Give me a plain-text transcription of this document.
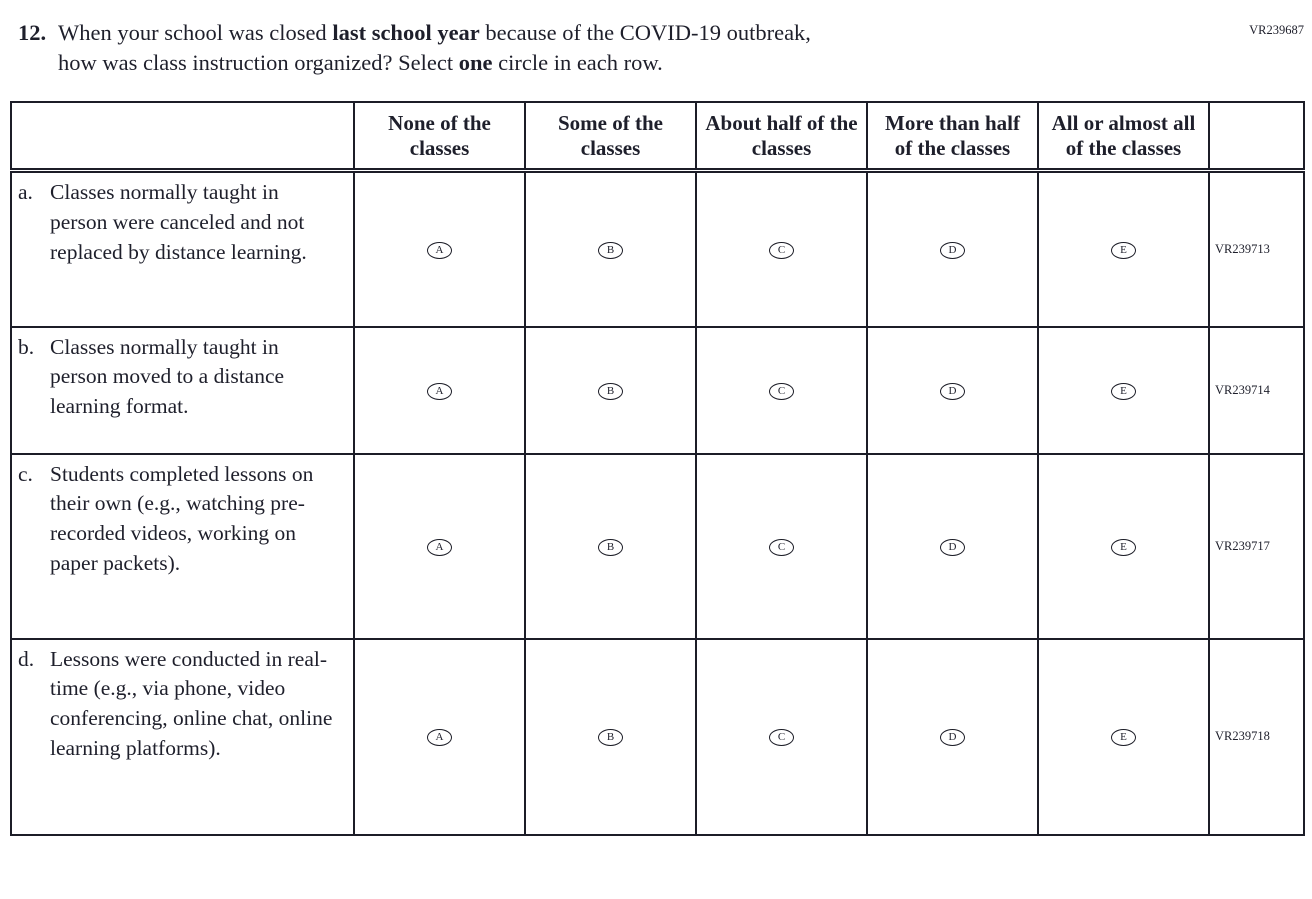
VR239687
12. When your school was closed last school year because of the COVID-19 outbreak,
how was class instruction organized? Select one circle in each row.
	None of the classes	Some of the classes	About half of the classes	More than half of the classes	All or almost all of the classes	

a. Classes normally taught in person were canceled and not replaced by distance learning.	A	B	C	D	E	VR239713

b. Classes normally taught in person moved to a distance learning format.	A	B	C	D	E	VR239714

c. Students completed lessons on their own (e.g., watching pre-recorded videos, working on paper packets).	A	B	C	D	E	VR239717

d. Lessons were conducted in real-time (e.g., via phone, video conferencing, online chat, online learning platforms).	A	B	C	D	E	VR239718
